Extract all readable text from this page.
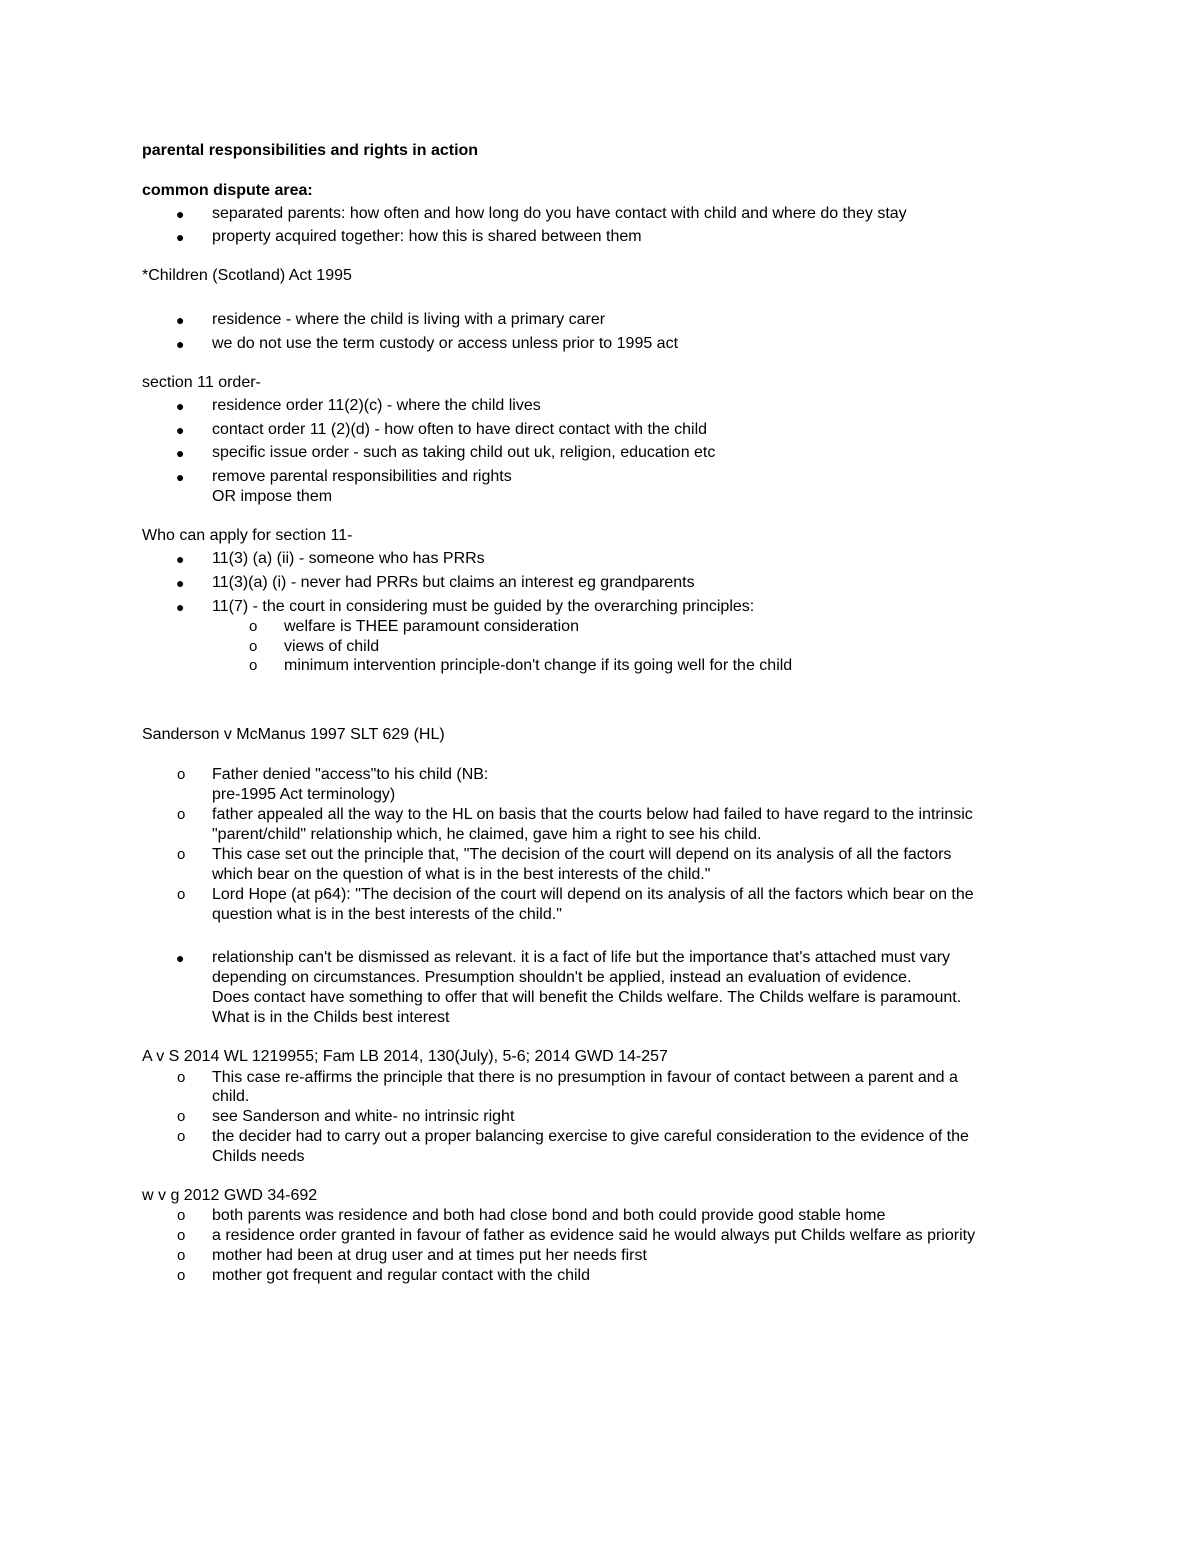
parental responsibilities and rights in action
common dispute area:
● separated parents: how often and how long do you have contact with child and where do they stay
● property acquired together: how this is shared between them
*Children (Scotland) Act 1995
● residence - where the child is living with a primary carer
● we do not use the term custody or access unless prior to 1995 act
section 11 order-
● residence order 11(2)(c) - where the child lives
● contact order 11 (2)(d) - how often to have direct contact with the child
● specific issue order - such as taking child out uk, religion, education etc
● remove parental responsibilities and rights
OR impose them
Who can apply for section 11-
● 11(3) (a) (ii) - someone who has PRRs
● 11(3)(a) (i) - never had PRRs but claims an interest eg grandparents
● 11(7) - the court in considering must be guided by the overarching principles:
o welfare is THEE paramount consideration
o views of child
o minimum intervention principle-don't change if its going well for the child
Sanderson v McManus 1997 SLT 629 (HL)
o Father denied "access"to his child (NB:
pre-1995 Act terminology)
o father appealed all the way to the HL on basis that the courts below had failed to have regard to the intrinsic
"parent/child" relationship which, he claimed, gave him a right to see his child.
o This case set out the principle that, "The decision of the court will depend on its analysis of all the factors
which bear on the question of what is in the best interests of the child."
o Lord Hope (at p64): "The decision of the court will depend on its analysis of all the factors which bear on the
question what is in the best interests of the child."
● relationship can't be dismissed as relevant. it is a fact of life but the importance that's attached must vary
depending on circumstances. Presumption shouldn't be applied, instead an evaluation of evidence.
Does contact have something to offer that will benefit the Childs welfare. The Childs welfare is paramount.
What is in the Childs best interest
A v S 2014 WL 1219955; Fam LB 2014, 130(July), 5-6; 2014 GWD 14-257
o This case re-affirms the principle that there is no presumption in favour of contact between a parent and a
child.
o see Sanderson and white- no intrinsic right
o the decider had to carry out a proper balancing exercise to give careful consideration to the evidence of the
Childs needs
w v g 2012 GWD 34-692
o both parents was residence and both had close bond and both could provide good stable home
o a residence order granted in favour of father as evidence said he would always put Childs welfare as priority
o mother had been at drug user and at times put her needs first
o mother got frequent and regular contact with the child
